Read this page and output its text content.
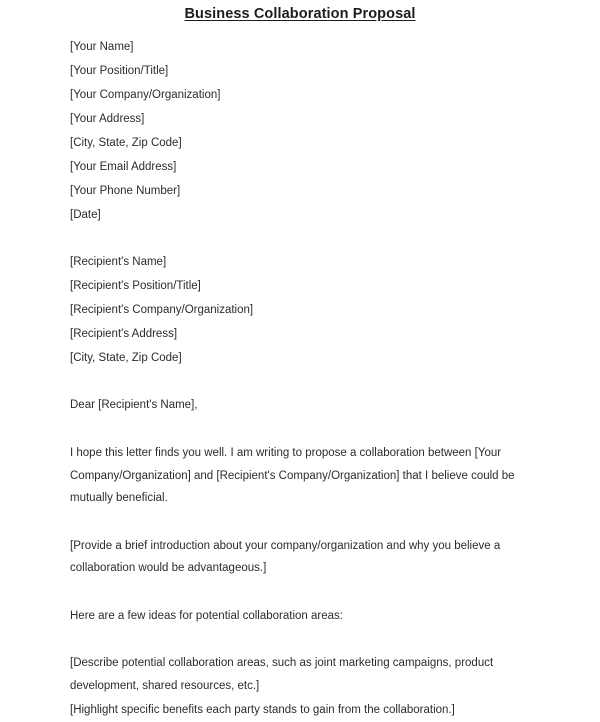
Business Collaboration Proposal
[Your Name]
[Your Position/Title]
[Your Company/Organization]
[Your Address]
[City, State, Zip Code]
[Your Email Address]
[Your Phone Number]
[Date]
[Recipient's Name]
[Recipient's Position/Title]
[Recipient's Company/Organization]
[Recipient's Address]
[City, State, Zip Code]
Dear [Recipient's Name],
I hope this letter finds you well. I am writing to propose a collaboration between [Your Company/Organization] and [Recipient's Company/Organization] that I believe could be mutually beneficial.
[Provide a brief introduction about your company/organization and why you believe a collaboration would be advantageous.]
Here are a few ideas for potential collaboration areas:
[Describe potential collaboration areas, such as joint marketing campaigns, product development, shared resources, etc.]
[Highlight specific benefits each party stands to gain from the collaboration.]
